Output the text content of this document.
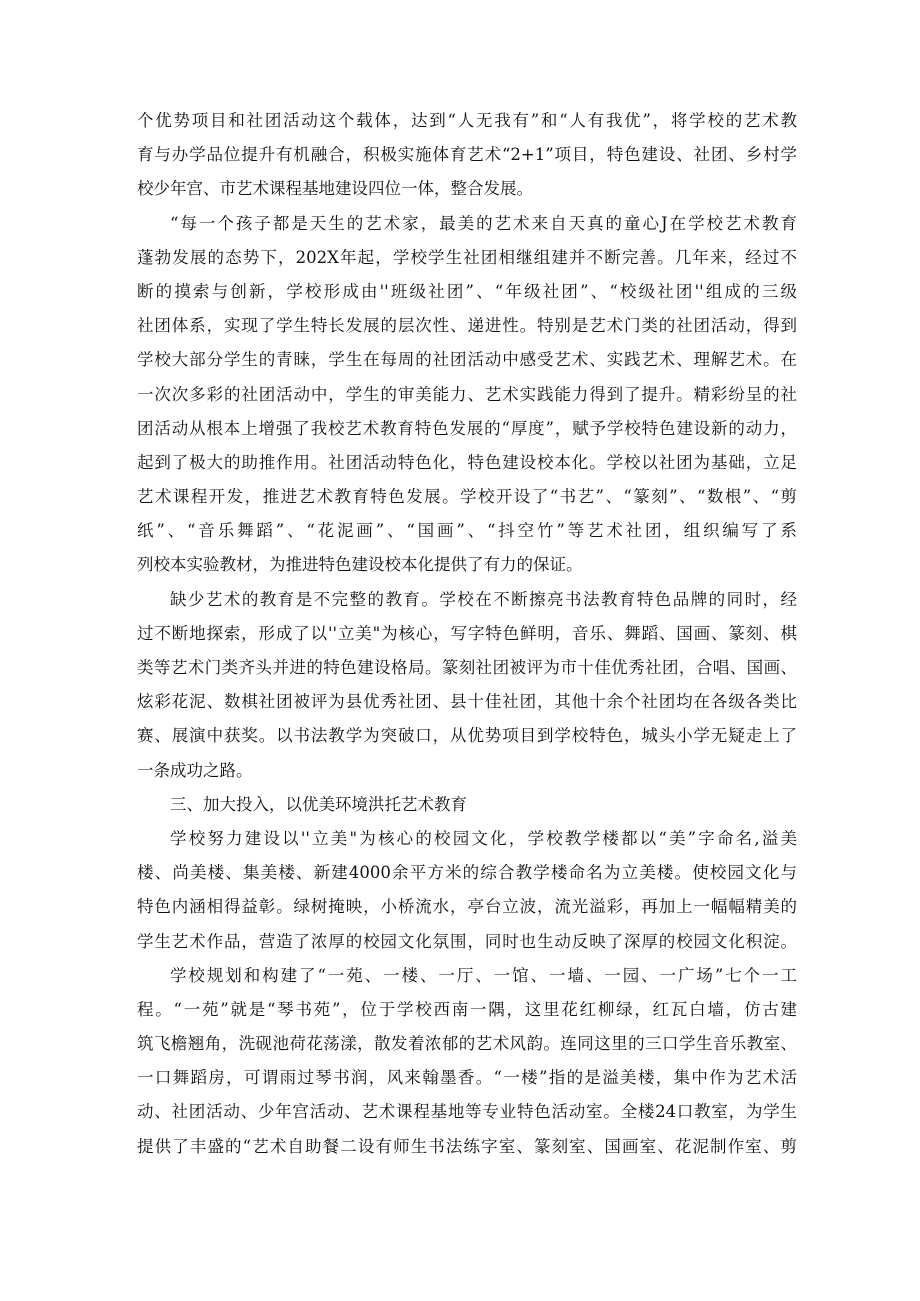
个优势项目和社团活动这个载体，达到“人无我有”和“人有我优”，将学校的艺术教
育与办学品位提升有机融合，积极实施体育艺术“2+1”项目，特色建设、社团、乡村学
校少年宫、市艺术课程基地建设四位一体，整合发展。
“每一个孩子都是天生的艺术家，最美的艺术来自天真的童心J在学校艺术教育
蓬勃发展的态势下，202X年起，学校学生社团相继组建并不断完善。几年来，经过不
断的摸索与创新，学校形成由''班级社团”、“年级社团”、“校级社团''组成的三级
社团体系，实现了学生特长发展的层次性、递进性。特别是艺术门类的社团活动，得到
学校大部分学生的青睐，学生在每周的社团活动中感受艺术、实践艺术、理解艺术。在
一次次多彩的社团活动中，学生的审美能力、艺术实践能力得到了提升。精彩纷呈的社
团活动从根本上增强了我校艺术教育特色发展的“厚度”，赋予学校特色建设新的动力，
起到了极大的助推作用。社团活动特色化，特色建设校本化。学校以社团为基础，立足
艺术课程开发，推进艺术教育特色发展。学校开设了“书艺”、“篆刻”、“数根”、“剪
纸”、“音乐舞蹈”、“花泥画”、“国画”、“抖空竹”等艺术社团，组织编写了系
列校本实验教材，为推进特色建设校本化提供了有力的保证。
缺少艺术的教育是不完整的教育。学校在不断擦亮书法教育特色品牌的同时，经
过不断地探索，形成了以''立美"为核心，写字特色鲜明，音乐、舞蹈、国画、篆刻、棋
类等艺术门类齐头并进的特色建设格局。篆刻社团被评为市十佳优秀社团，合唱、国画、
炫彩花泥、数棋社团被评为县优秀社团、县十佳社团，其他十余个社团均在各级各类比
赛、展演中获奖。以书法教学为突破口，从优势项目到学校特色，城头小学无疑走上了
一条成功之路。
三、加大投入，以优美环境洪托艺术教育
学校努力建设以''立美"为核心的校园文化，学校教学楼都以“美”字命名,溢美
楼、尚美楼、集美楼、新建4000余平方米的综合教学楼命名为立美楼。使校园文化与
特色内涵相得益彰。绿树掩映，小桥流水，亭台立波，流光溢彩，再加上一幅幅精美的
学生艺术作品，营造了浓厚的校园文化氛围，同时也生动反映了深厚的校园文化积淀。
学校规划和构建了“一苑、一楼、一厅、一馆、一墙、一园、一广场”七个一工
程。“一苑”就是“琴书苑”，位于学校西南一隅，这里花红柳绿，红瓦白墙，仿古建
筑飞檐翘角，洗砚池荷花荡漾，散发着浓郁的艺术风韵。连同这里的三口学生音乐教室、
一口舞蹈房，可谓雨过琴书润，风来翰墨香。“一楼”指的是溢美楼，集中作为艺术活
动、社团活动、少年宫活动、艺术课程基地等专业特色活动室。全楼24口教室，为学生
提供了丰盛的“艺术自助餐二设有师生书法练字室、篆刻室、国画室、花泥制作室、剪
